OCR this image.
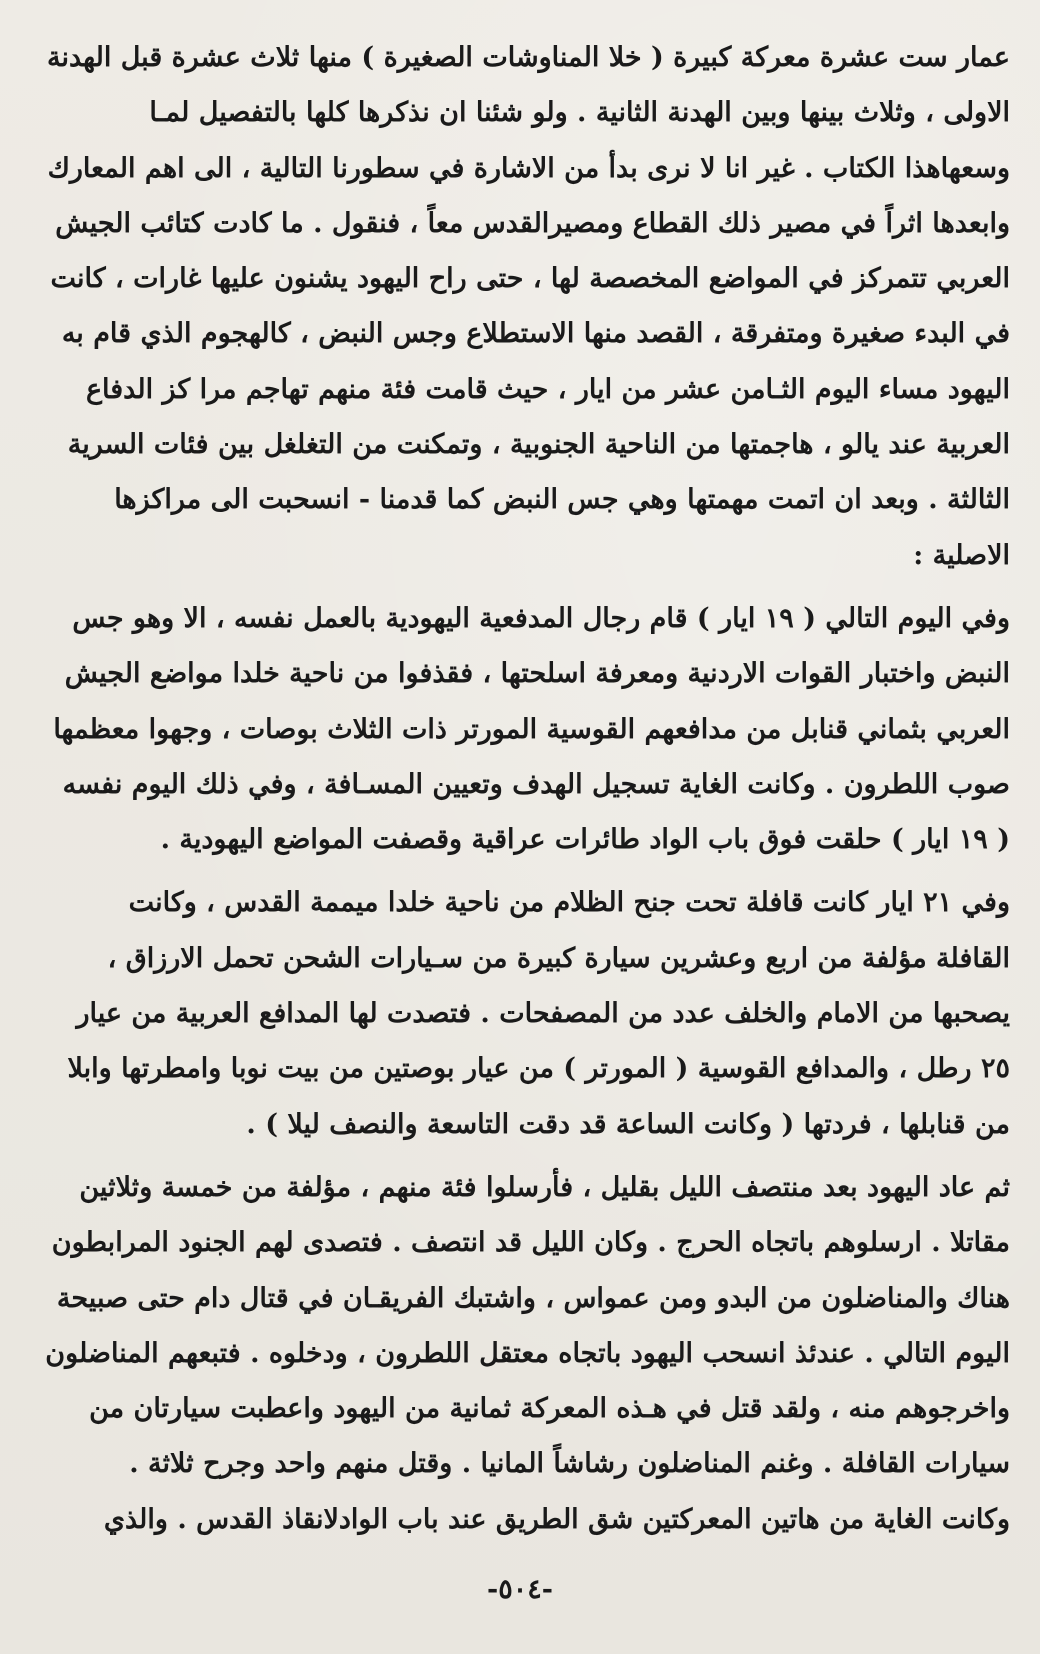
عمار ست عشرة معركة كبيرة ( خلا المناوشات الصغيرة ) منها ثلاث عشرة قبل الهدنة
الاولى ، وثلاث بينها وبين الهدنة الثانية . ولو شئنا ان نذكرها كلها بالتفصيل لمـا
وسعهاهذا الكتاب . غير انا لا نرى بدأ من الاشارة في سطورنا التالية ، الى اهم المعارك
وابعدها اثراً في مصير ذلك القطاع ومصيرالقدس معاً ، فنقول . ما كادت كتائب الجيش
العربي تتمركز في المواضع المخصصة لها ، حتى راح اليهود يشنون عليها غارات ، كانت
في البدء صغيرة ومتفرقة ، القصد منها الاستطلاع وجس النبض ، كالهجوم الذي قام به
اليهود مساء اليوم الثـامن عشر من ايار ، حيث قامت فئة منهم تهاجم مرا كز الدفاع
العربية عند يالو ، هاجمتها من الناحية الجنوبية ، وتمكنت من التغلغل بين فئات السرية
الثالثة . وبعد ان اتمت مهمتها وهي جس النبض كما قدمنا - انسحبت الى مراكزها
الاصلية :
وفي اليوم التالي ( ١٩ ايار ) قام رجال المدفعية اليهودية بالعمل نفسه ، الا وهو جس
النبض واختبار القوات الاردنية ومعرفة اسلحتها ، فقذفوا من ناحية خلدا مواضع الجيش
العربي بثماني قنابل من مدافعهم القوسية المورتر ذات الثلاث بوصات ، وجهوا معظمها
صوب اللطرون . وكانت الغاية تسجيل الهدف وتعيين المسـافة ، وفي ذلك اليوم نفسه
( ١٩ ايار ) حلقت فوق باب الواد طائرات عراقية وقصفت المواضع اليهودية .
وفي ٢١ ايار كانت قافلة تحت جنح الظلام من ناحية خلدا ميممة القدس ، وكانت
القافلة مؤلفة من اربع وعشرين سيارة كبيرة من سـيارات الشحن تحمل الارزاق ،
يصحبها من الامام والخلف عدد من المصفحات . فتصدت لها المدافع العربية من عيار
٢٥ رطل ، والمدافع القوسية ( المورتر ) من عيار بوصتين من بيت نوبا وامطرتها وابلا
من قنابلها ، فردتها ( وكانت الساعة قد دقت التاسعة والنصف ليلا ) .
ثم عاد اليهود بعد منتصف الليل بقليل ، فأرسلوا فئة منهم ، مؤلفة من خمسة وثلاثين
مقاتلا . ارسلوهم باتجاه الحرج . وكان الليل قد انتصف . فتصدى لهم الجنود المرابطون
هناك والمناضلون من البدو ومن عمواس ، واشتبك الفريقـان في قتال دام حتى صبيحة
اليوم التالي . عندئذ انسحب اليهود باتجاه معتقل اللطرون ، ودخلوه . فتبعهم المناضلون
واخرجوهم منه ، ولقد قتل في هـذه المعركة ثمانية من اليهود واعطبت سيارتان من
سيارات القافلة . وغنم المناضلون رشاشاً المانيا . وقتل منهم واحد وجرح ثلاثة .
وكانت الغاية من هاتين المعركتين شق الطريق عند باب الوادلانقاذ القدس . والذي
-٥٠٤-
